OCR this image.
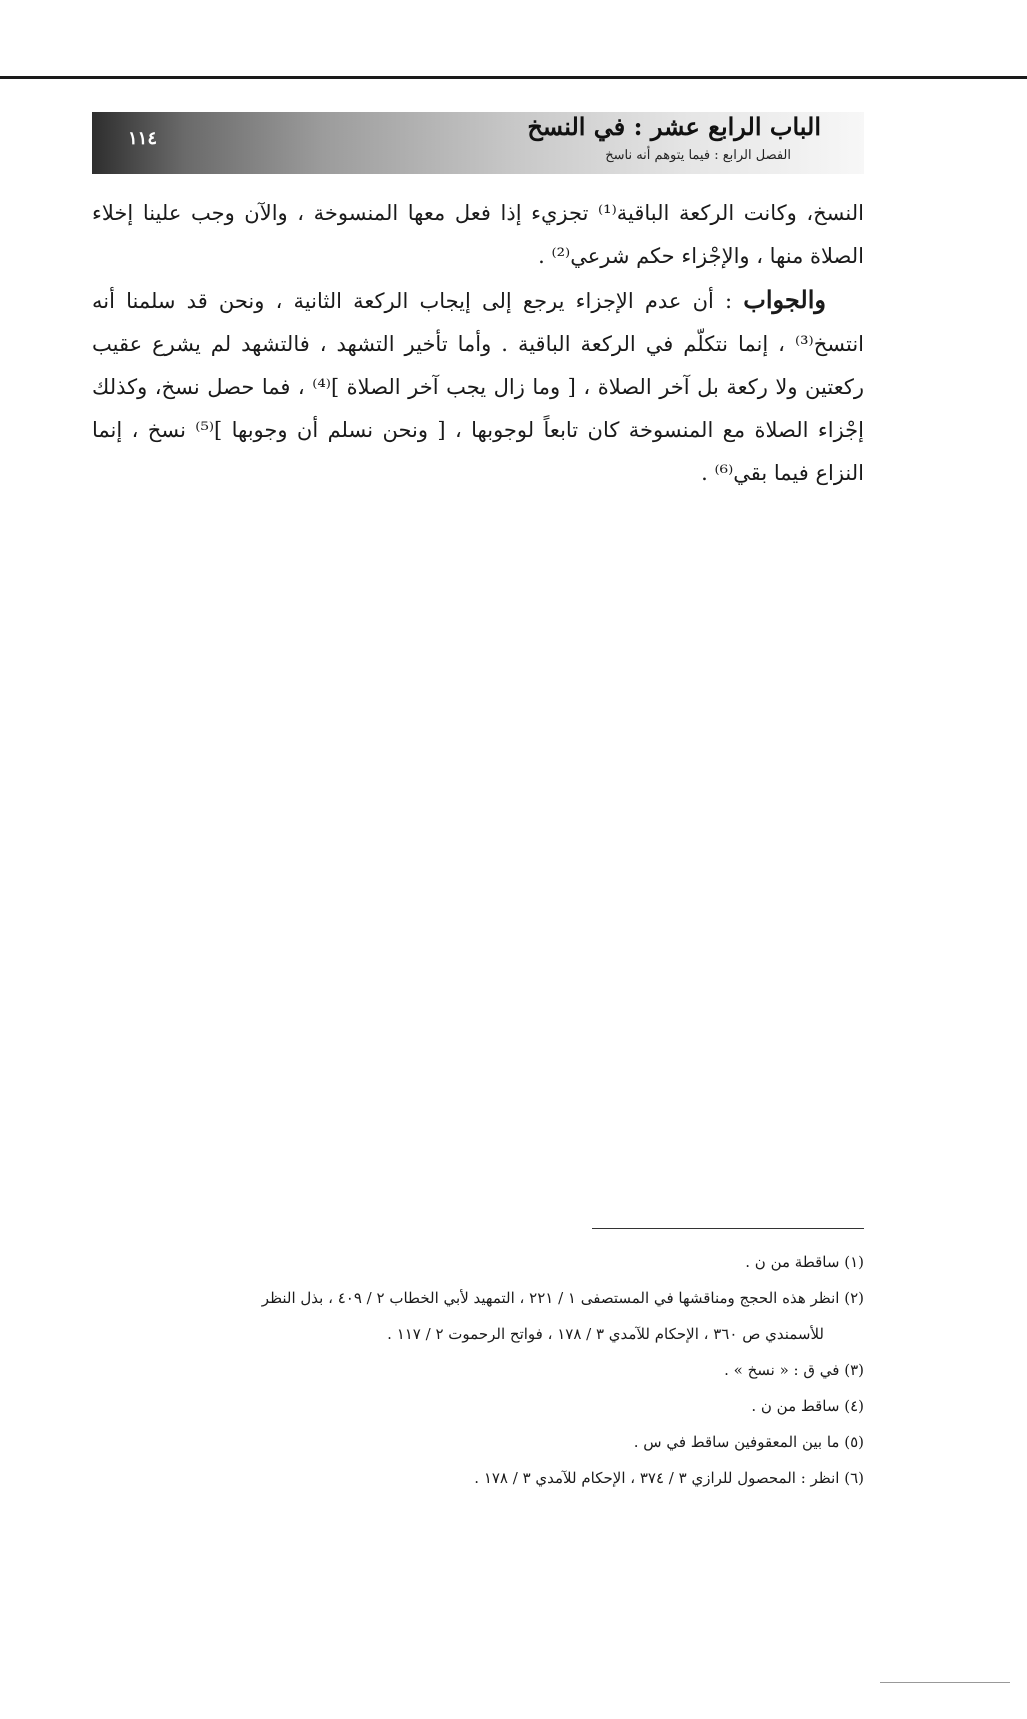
الباب الرابع عشر : في النسخ
الفصل الرابع : فيما يتوهم أنه ناسخ
١١٤

النسخ، وكانت الركعة الباقية⁽¹⁾ تجزيء إذا فعل معها المنسوخة ، والآن وجب علينا إخلاء الصلاة منها ، والإجْزاء حكم شرعي⁽²⁾ .

والجواب : أن عدم الإجزاء يرجع إلى إيجاب الركعة الثانية ، ونحن قد سلمنا أنه انتسخ⁽³⁾ ، إنما نتكلّم في الركعة الباقية . وأما تأخير التشهد ، فالتشهد لم يشرع عقيب ركعتين ولا ركعة بل آخر الصلاة ، [ وما زال يجب آخر الصلاة ]⁽⁴⁾ ، فما حصل نسخ، وكذلك إجْزاء الصلاة مع المنسوخة كان تابعاً لوجوبها ، [ ونحن نسلم أن وجوبها ]⁽⁵⁾ نسخ ، إنما النزاع فيما بقي⁽⁶⁾ .

(١) ساقطة من ن .

(٢) انظر هذه الحجج ومناقشها في المستصفى ١ / ٢٢١ ، التمهيد لأبي الخطاب ٢ / ٤٠٩ ، بذل النظر

للأسمندي ص ٣٦٠ ، الإحكام للآمدي ٣ / ١٧٨ ، فواتح الرحموت ٢ / ١١٧ .

(٣) في ق : « نسخ » .

(٤) ساقط من ن .

(٥) ما بين المعقوفين ساقط في س .

(٦) انظر : المحصول للرازي ٣ / ٣٧٤ ، الإحكام للآمدي ٣ / ١٧٨ .
